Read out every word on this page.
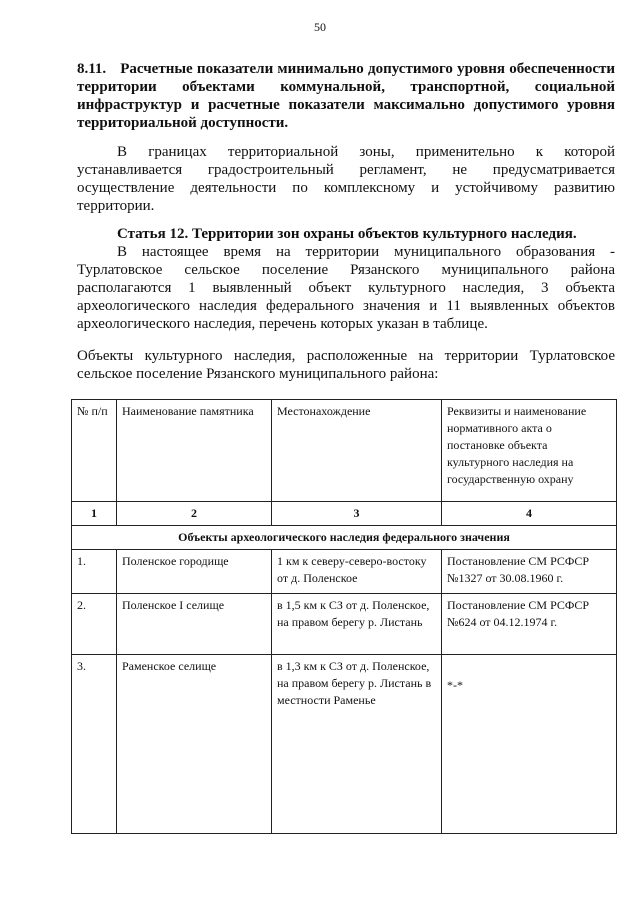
50
8.11. Расчетные показатели минимально допустимого уровня обеспеченности территории объектами коммунальной, транспортной, социальной инфраструктур и расчетные показатели максимально допустимого уровня территориальной доступности.
В границах территориальной зоны, применительно к которой устанавливается градостроительный регламент, не предусматривается осуществление деятельности по комплексному и устойчивому развитию территории.
Статья 12. Территории зон охраны объектов культурного наследия.
В настоящее время на территории муниципального образования - Турлатовское сельское поселение Рязанского муниципального района располагаются 1 выявленный объект культурного наследия, 3 объекта археологического наследия федерального значения и 11 выявленных объектов археологического наследия, перечень которых указан в таблице.
Объекты культурного наследия, расположенные на территории Турлатовское сельское поселение Рязанского муниципального района:
№ п/п	Наименование памятника	Местонахождение	Реквизиты и наименование нормативного акта о постановке объекта культурного наследия на государственную охрану
1	2	3	4
Объекты археологического наследия федерального значения			
1.	Поленское городище	1 км к северу-северо-востоку от д. Поленское	Постановление СМ РСФСР №1327 от 30.08.1960 г.
2.	Поленское I селище	в 1,5 км к СЗ от д. Поленское, на правом берегу р. Листань	Постановление СМ РСФСР №624 от 04.12.1974 г.
3.	Раменское селище	в 1,3 км к СЗ от д. Поленское, на правом берегу р. Листань в местности Раменье	*-*
